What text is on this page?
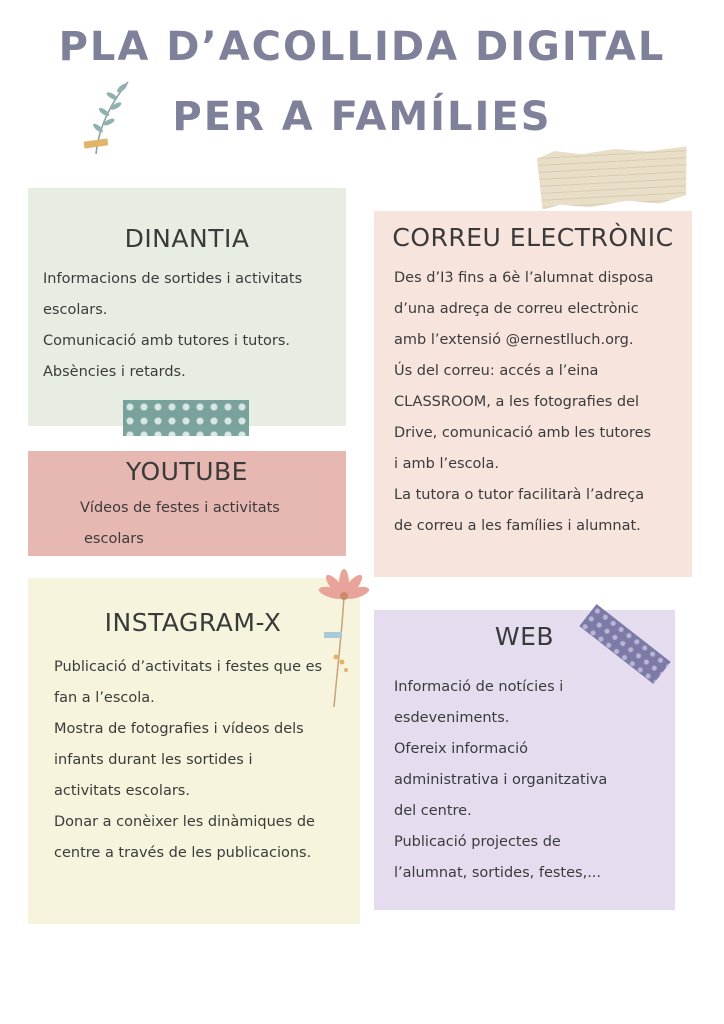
PLA D’ACOLLIDA DIGITAL
PER A FAMÍLIES
DINANTIA

Informacions de sortides i activitats

escolars.

Comunicació amb tutores i tutors.

Absències i retards.

YOUTUBE

Vídeos de festes i activitats

escolars

CORREU ELECTRÒNIC

Des d’I3 fins a 6è l’alumnat disposa

d’una adreça de correu electrònic

amb l’extensió @ernestlluch.org.

Ús del correu: accés a l’eina

CLASSROOM, a les fotografies del

Drive, comunicació amb les tutores

i amb l’escola.

La tutora o tutor facilitarà l’adreça

de correu a les famílies i alumnat.

INSTAGRAM-X

Publicació d’activitats i festes que es

fan a l’escola.

Mostra de fotografies i vídeos dels

infants durant les sortides i

activitats escolars.

Donar a conèixer les dinàmiques de

centre a través de les publicacions.

WEB

Informació de notícies i

esdeveniments.

Ofereix informació

administrativa i organitzativa

del centre.

Publicació projectes de

l’alumnat, sortides, festes,...
